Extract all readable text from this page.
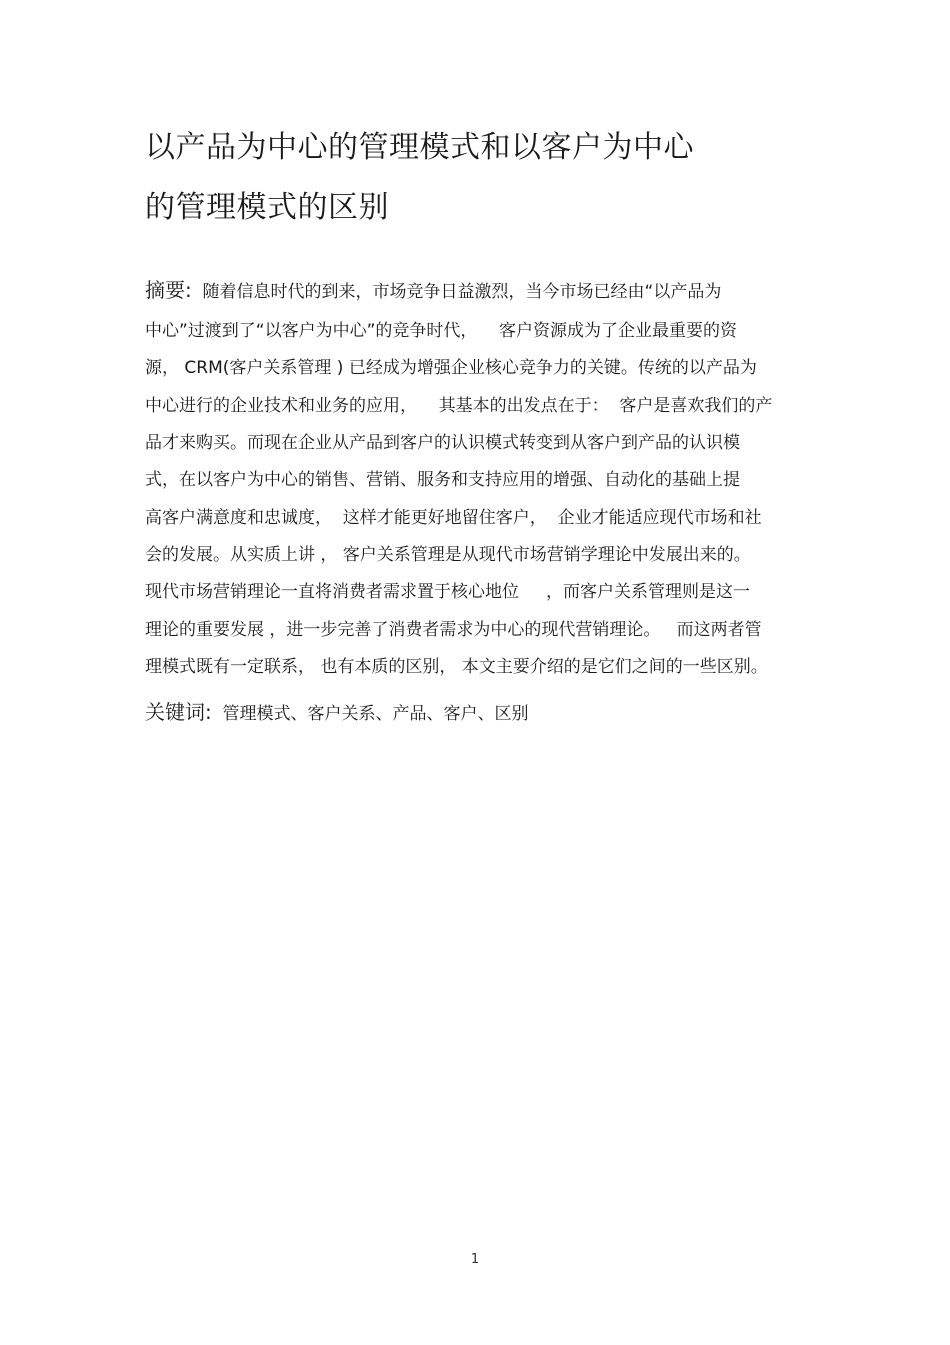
以产品为中心的管理模式和以客户为中心
的管理模式的区别
摘要:  随着信息时代的到来，市场竞争日益激烈，当今市场已经由“以产品为
中心”过渡到了“以客户为中心”的竞争时代，    客户资源成为了企业最重要的资
源， CRM(客户关系管理 ) 已经成为增强企业核心竞争力的关键。传统的以产品为
中心进行的企业技术和业务的应用，    其基本的出发点在于：  客户是喜欢我们的产
品才来购买。而现在企业从产品到客户的认识模式转变到从客户到产品的认识模
式，在以客户为中心的销售、营销、服务和支持应用的增强、自动化的基础上提
高客户满意度和忠诚度，  这样才能更好地留住客户，  企业才能适应现代市场和社
会的发展。从实质上讲 ， 客户关系管理是从现代市场营销学理论中发展出来的。
现代市场营销理论一直将消费者需求置于核心地位     ，而客户关系管理则是这一
理论的重要发展 ，进一步完善了消费者需求为中心的现代营销理论。   而这两者管
理模式既有一定联系， 也有本质的区别， 本文主要介绍的是它们之间的一些区别。
关键词:  管理模式、客户关系、产品、客户、区别
1
